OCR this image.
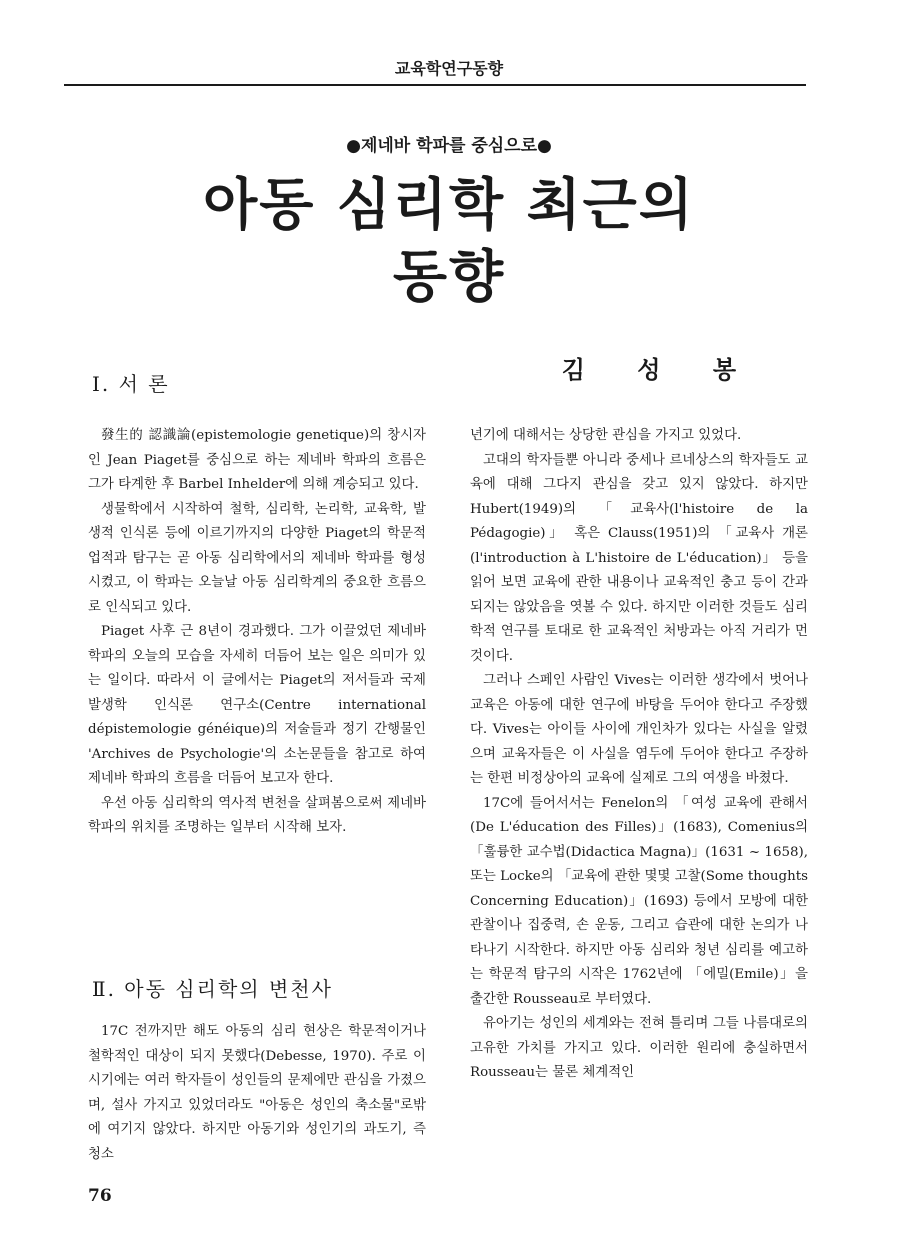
교육학연구동향
●제네바 학파를 중심으로●
아동 심리학 최근의
동향
김 성 봉
Ⅰ. 서 론

發生的 認識論(epistemologie genetique)의 창시자인 Jean Piaget를 중심으로 하는 제네바 학파의 흐름은 그가 타계한 후 Barbel Inhelder에 의해 계승되고 있다.

생물학에서 시작하여 철학, 심리학, 논리학, 교육학, 발생적 인식론 등에 이르기까지의 다양한 Piaget의 학문적 업적과 탐구는 곧 아동 심리학에서의 제네바 학파를 형성시켰고, 이 학파는 오늘날 아동 심리학계의 중요한 흐름으로 인식되고 있다.

Piaget 사후 근 8년이 경과했다. 그가 이끌었던 제네바 학파의 오늘의 모습을 자세히 더듬어 보는 일은 의미가 있는 일이다. 따라서 이 글에서는 Piaget의 저서들과 국제 발생학 인식론 연구소(Centre international dépistemologie généique)의 저술들과 정기 간행물인 'Archives de Psychologie'의 소논문들을 참고로 하여 제네바 학파의 흐름을 더듬어 보고자 한다.

우선 아동 심리학의 역사적 변천을 살펴봄으로써 제네바 학파의 위치를 조명하는 일부터 시작해 보자.

Ⅱ. 아동 심리학의 변천사

17C 전까지만 해도 아동의 심리 현상은 학문적이거나 철학적인 대상이 되지 못했다(Debesse, 1970). 주로 이 시기에는 여러 학자들이 성인들의 문제에만 관심을 가졌으며, 설사 가지고 있었더라도 "아동은 성인의 축소물"로밖에 여기지 않았다. 하지만 아동기와 성인기의 과도기, 즉 청소

년기에 대해서는 상당한 관심을 가지고 있었다.

고대의 학자들뿐 아니라 중세나 르네상스의 학자들도 교육에 대해 그다지 관심을 갖고 있지 않았다. 하지만 Hubert(1949)의 「교육사(l'histoire de la Pédagogie)」 혹은 Clauss(1951)의 「교육사 개론(l'introduction à L'histoire de L'éducation)」 등을 읽어 보면 교육에 관한 내용이나 교육적인 충고 등이 간과되지는 않았음을 엿볼 수 있다. 하지만 이러한 것들도 심리학적 연구를 토대로 한 교육적인 처방과는 아직 거리가 먼 것이다.

그러나 스페인 사람인 Vives는 이러한 생각에서 벗어나 교육은 아동에 대한 연구에 바탕을 두어야 한다고 주장했다. Vives는 아이들 사이에 개인차가 있다는 사실을 알렸으며 교육자들은 이 사실을 염두에 두어야 한다고 주장하는 한편 비정상아의 교육에 실제로 그의 여생을 바쳤다.

17C에 들어서서는 Fenelon의 「여성 교육에 관해서 (De L'éducation des Filles)」(1683), Comenius의 「훌륭한 교수법(Didactica Magna)」(1631 ~ 1658), 또는 Locke의 「교육에 관한 몇몇 고찰(Some thoughts Concerning Education)」(1693) 등에서 모방에 대한 관찰이나 집중력, 손 운동, 그리고 습관에 대한 논의가 나타나기 시작한다. 하지만 아동 심리와 청년 심리를 예고하는 학문적 탐구의 시작은 1762년에 「에밀(Emile)」을 출간한 Rousseau로 부터였다.

유아기는 성인의 세계와는 전혀 틀리며 그들 나름대로의 고유한 가치를 가지고 있다. 이러한 원리에 충실하면서 Rousseau는 물론 체계적인

76
